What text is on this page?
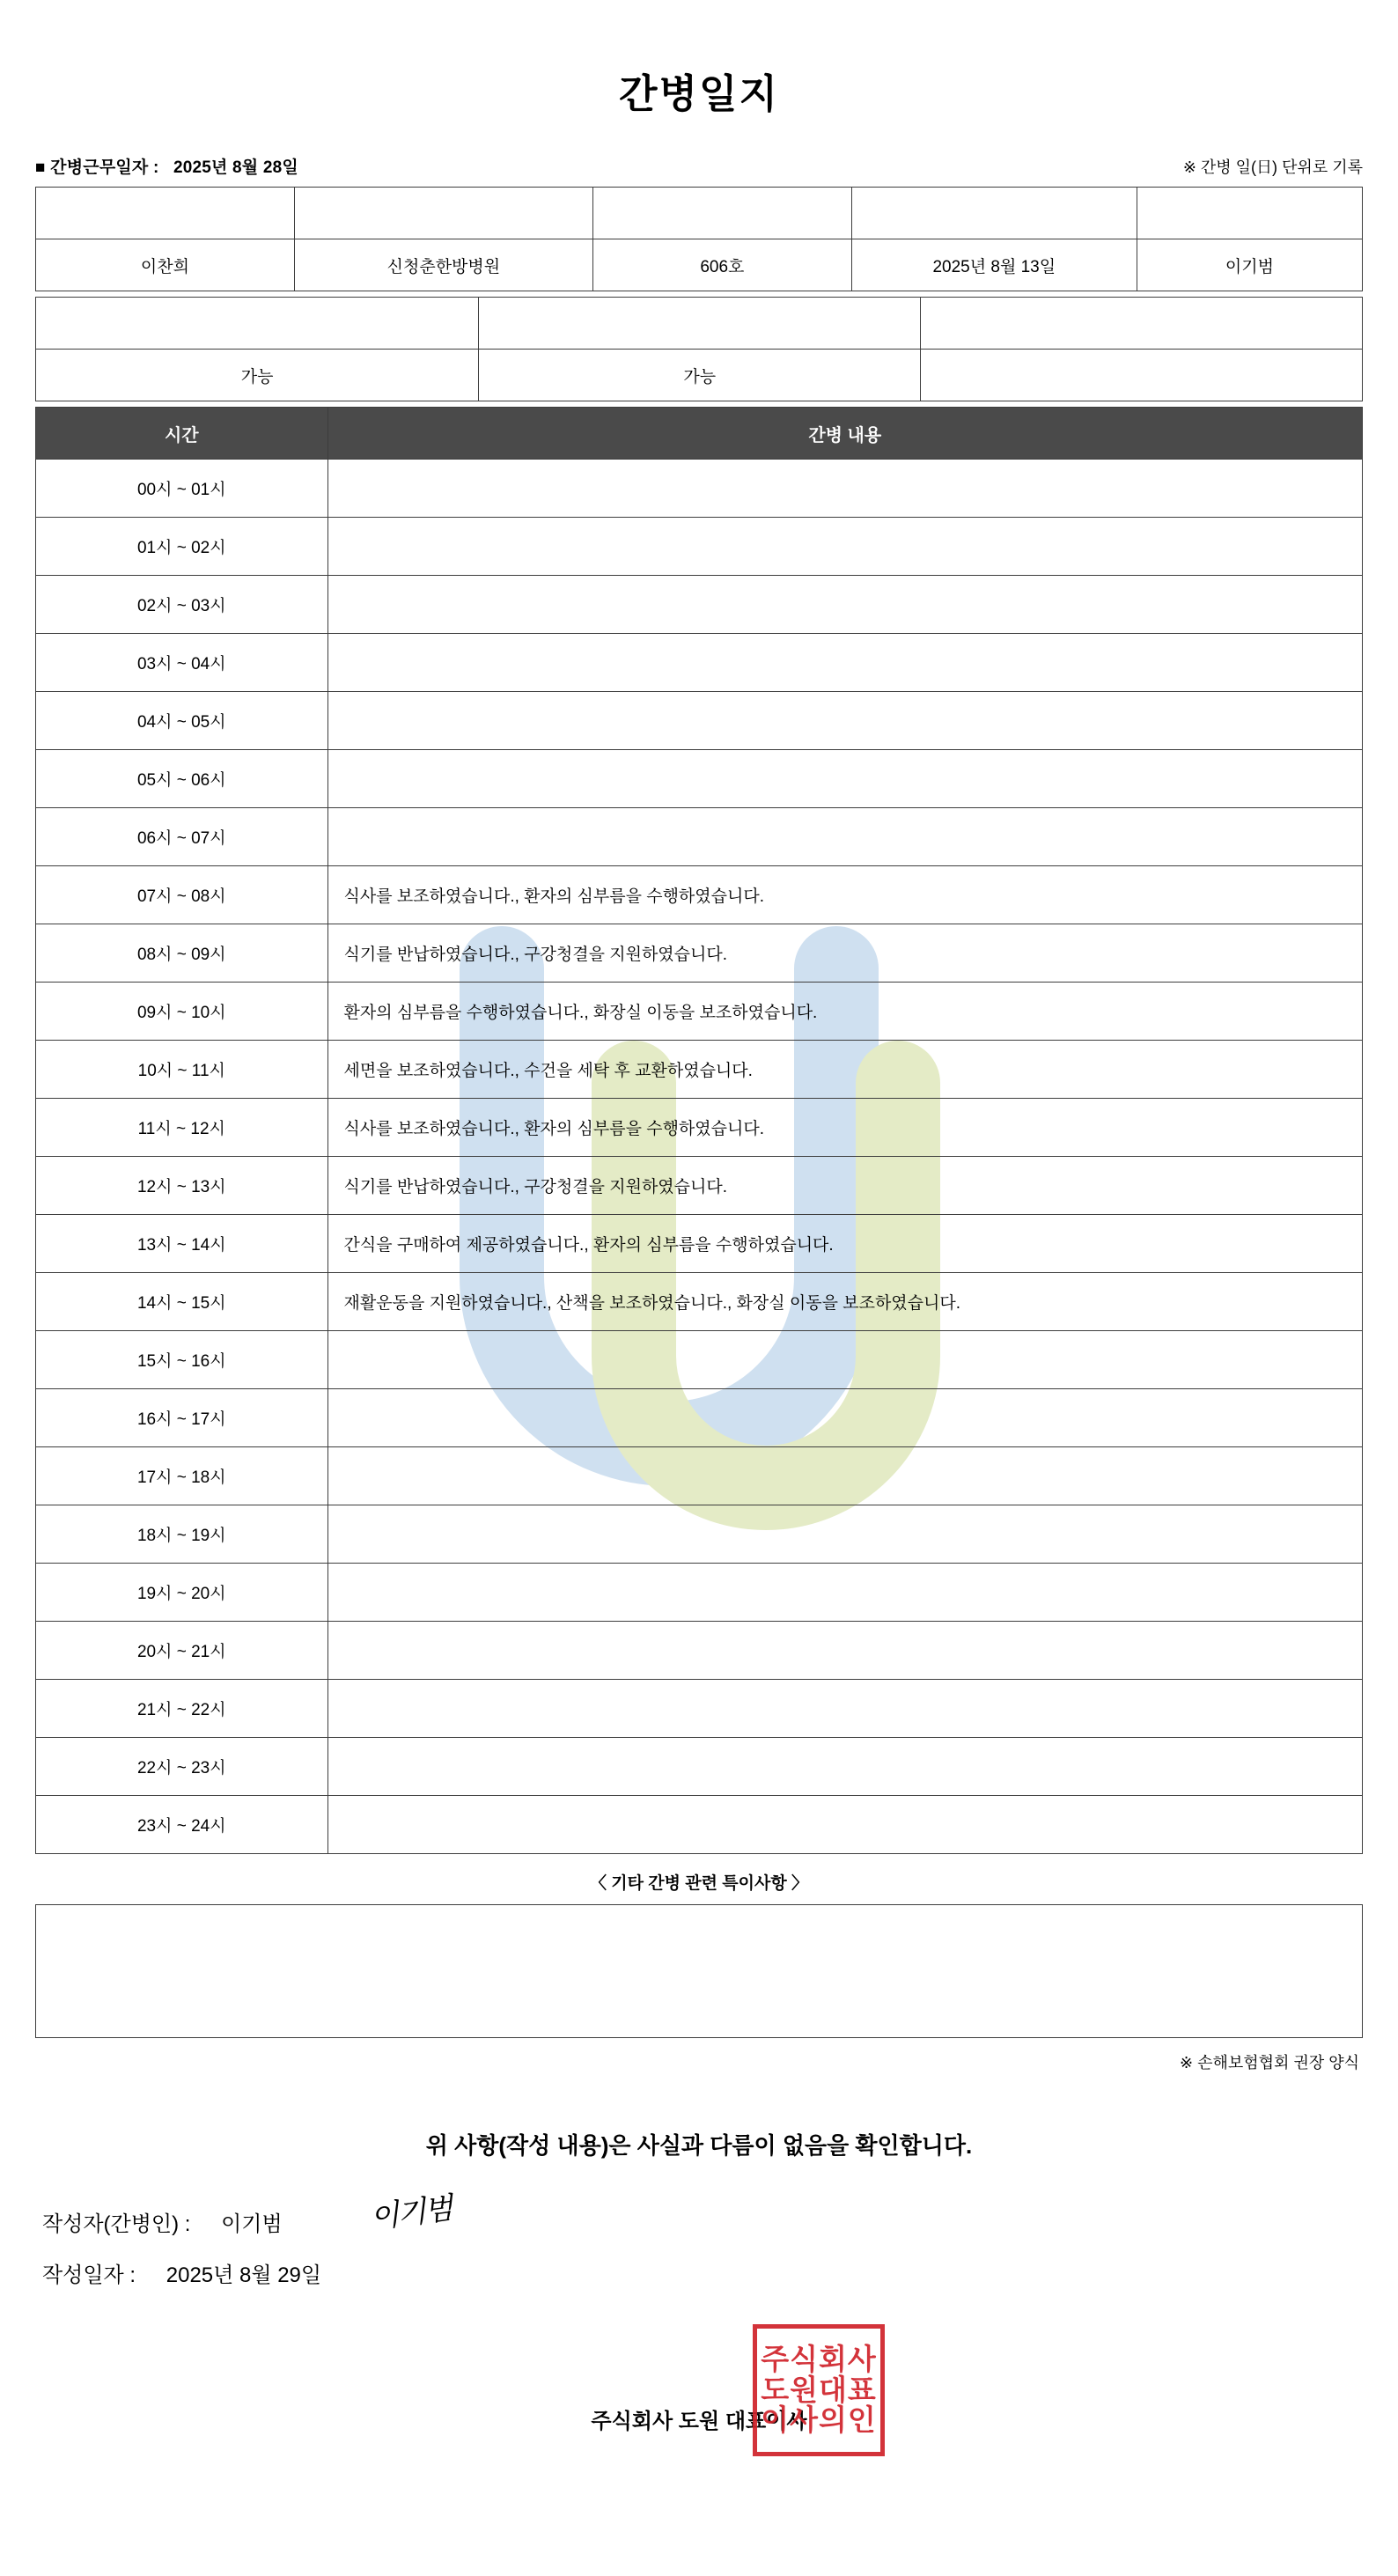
간병일지
■ 간병근무일자 : 2025년 8월 28일	※ 간병 일(日) 단위로 기록
환자성명	의료기관	병실호수	입원날짜	간병인명
이찬희	신청춘한방병원	606호	2025년 8월 13일	이기범
자가 보행	음식 경구 섭취	체내 관 삽입
가능	가능	
시간	간병 내용
00시 ~ 01시	
01시 ~ 02시	
02시 ~ 03시	
03시 ~ 04시	
04시 ~ 05시	
05시 ~ 06시	
06시 ~ 07시	
07시 ~ 08시	식사를 보조하였습니다., 환자의 심부름을 수행하였습니다.
08시 ~ 09시	식기를 반납하였습니다., 구강청결을 지원하였습니다.
09시 ~ 10시	환자의 심부름을 수행하였습니다., 화장실 이동을 보조하였습니다.
10시 ~ 11시	세면을 보조하였습니다., 수건을 세탁 후 교환하였습니다.
11시 ~ 12시	식사를 보조하였습니다., 환자의 심부름을 수행하였습니다.
12시 ~ 13시	식기를 반납하였습니다., 구강청결을 지원하였습니다.
13시 ~ 14시	간식을 구매하여 제공하였습니다., 환자의 심부름을 수행하였습니다.
14시 ~ 15시	재활운동을 지원하였습니다., 산책을 보조하였습니다., 화장실 이동을 보조하였습니다.
15시 ~ 16시	
16시 ~ 17시	
17시 ~ 18시	
18시 ~ 19시	
19시 ~ 20시	
20시 ~ 21시	
21시 ~ 22시	
22시 ~ 23시	
23시 ~ 24시	
〈 기타 간병 관련 특이사항 〉
※ 손해보험협회 권장 양식
위 사항(작성 내용)은 사실과 다름이 없음을 확인합니다.
작성자(간병인) : 이기범	이기범
작성일자 : 2025년 8월 29일
주식회사 도원 대표이사
주식회사
도원대표
이사의인
